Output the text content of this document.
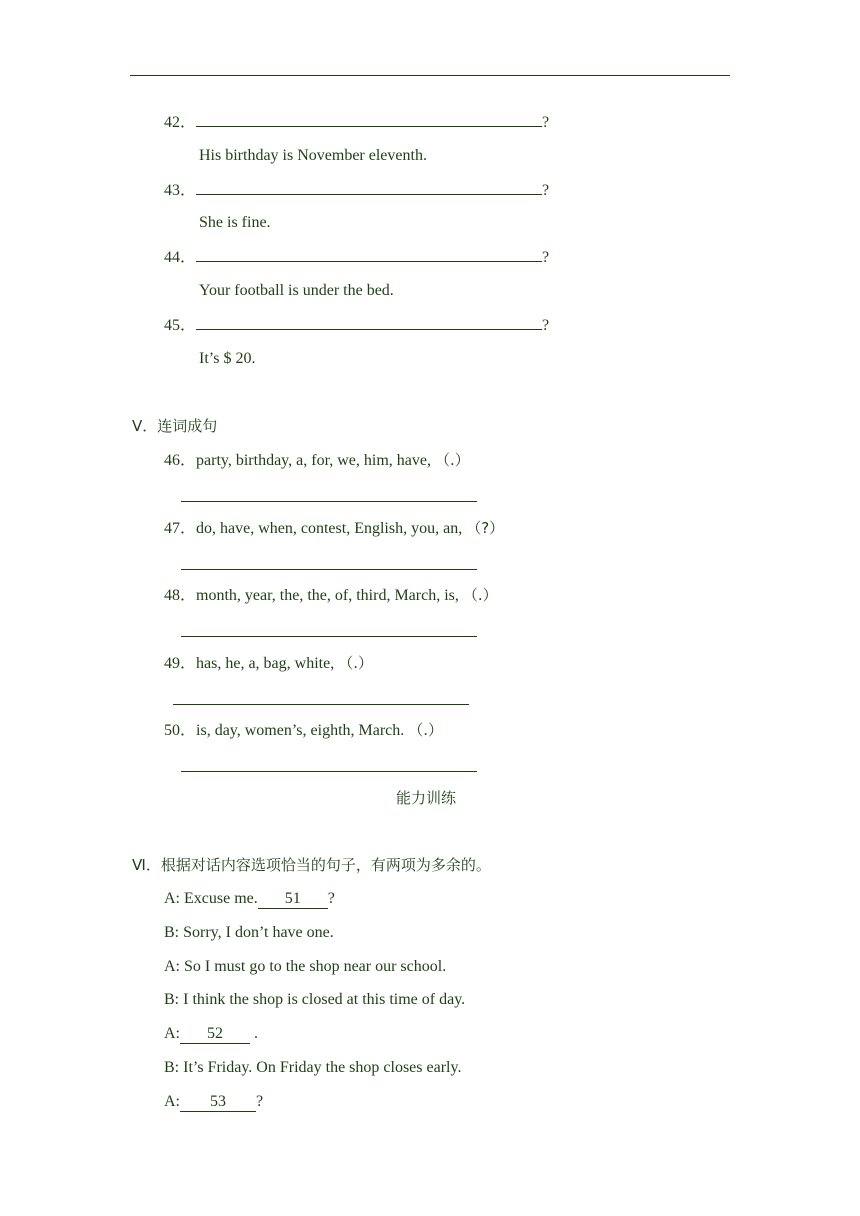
42．	?
His birthday is November eleventh.
43．	?
She is fine.
44．	?
Your football is under the bed.
45．	?
It’s $ 20.
Ⅴ．连词成句
46．party, birthday, a, for, we, him, have, （.）
47．do, have, when, contest, English, you, an, （?）
48．month, year, the, the, of, third, March, is, （.）
49．has, he, a, bag, white, （.）
50．is, day, women’s, eighth, March. （.）
能力训练
Ⅵ．根据对话内容选项恰当的句子，有两项为多余的。
A: Excuse me. 51 ?
B: Sorry, I don’t have one.
A: So I must go to the shop near our school.
B: I think the shop is closed at this time of day.
A: 52 .
B: It’s Friday. On Friday the shop closes early.
A: 53 ?
